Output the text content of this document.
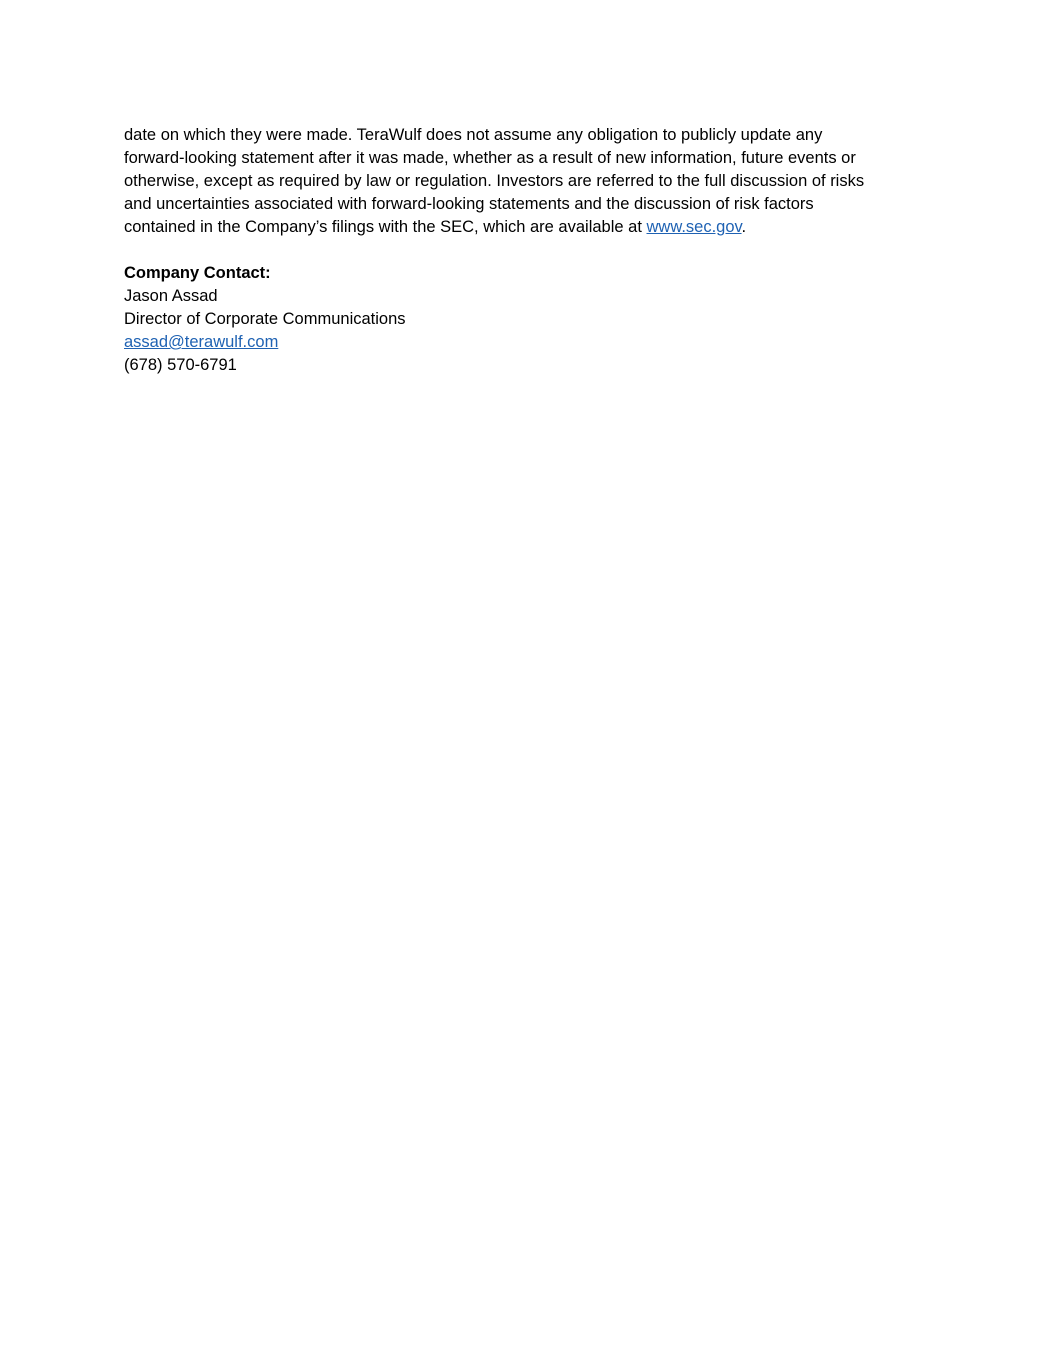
date on which they were made. TeraWulf does not assume any obligation to publicly update any
forward-looking statement after it was made, whether as a result of new information, future events or
otherwise, except as required by law or regulation. Investors are referred to the full discussion of risks
and uncertainties associated with forward-looking statements and the discussion of risk factors
contained in the Company’s filings with the SEC, which are available at www.sec.gov.

Company Contact:

Jason Assad

Director of Corporate Communications

assad@terawulf.com

(678) 570-6791
